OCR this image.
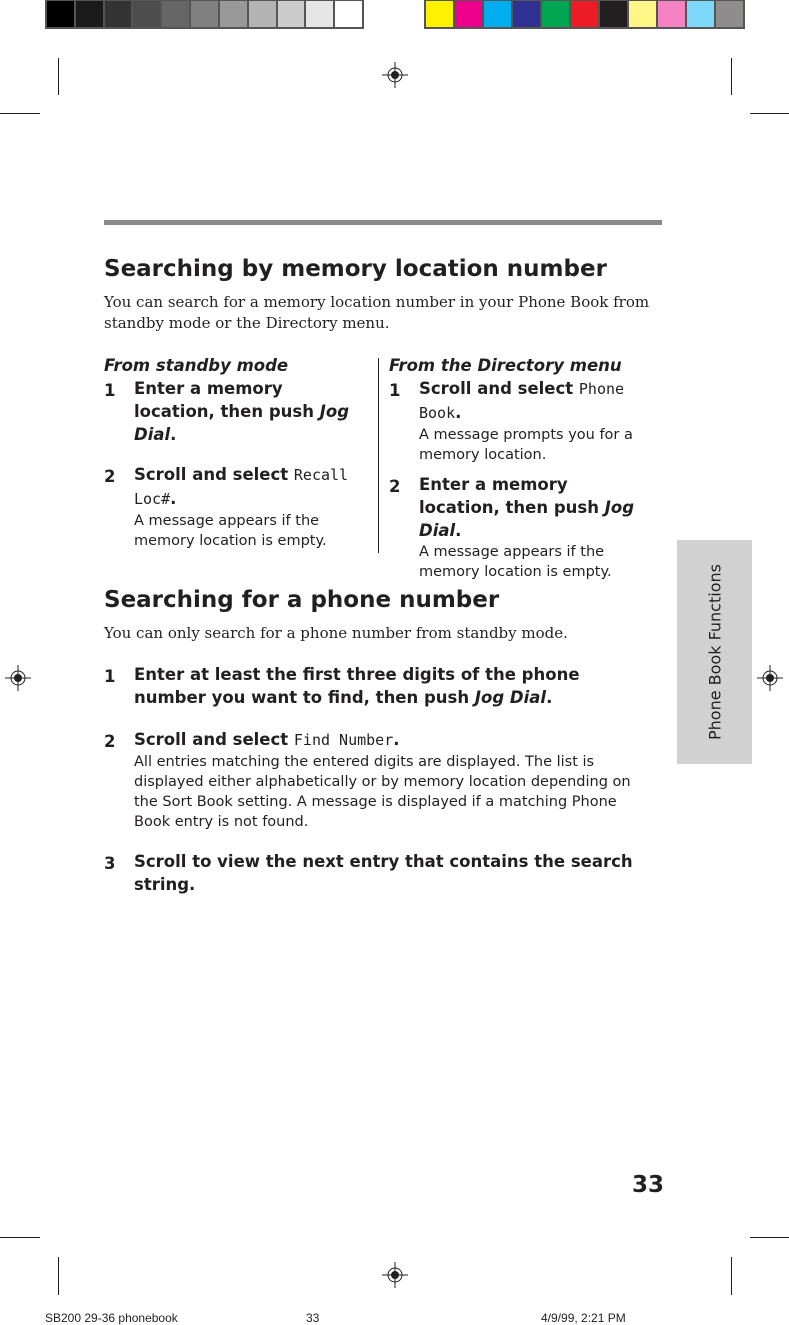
Searching by memory location number
You can search for a memory location number in your Phone Book from standby mode or the Directory menu.
From standby mode
1 Enter a memory location, then push Jog Dial.
2 Scroll and select Recall Loc#.
A message appears if the memory location is empty.
From the Directory menu
1 Scroll and select Phone Book.
A message prompts you for a memory location.
2 Enter a memory location, then push Jog Dial.
A message appears if the memory location is empty.
Searching for a phone number
You can only search for a phone number from standby mode.
1 Enter at least the first three digits of the phone number you want to find, then push Jog Dial.
2 Scroll and select Find Number.
All entries matching the entered digits are displayed. The list is displayed either alphabetically or by memory location depending on the Sort Book setting. A message is displayed if a matching Phone Book entry is not found.
3 Scroll to view the next entry that contains the search string.
Phone Book Functions
33
SB200 29-36 phonebook	33	4/9/99, 2:21 PM
